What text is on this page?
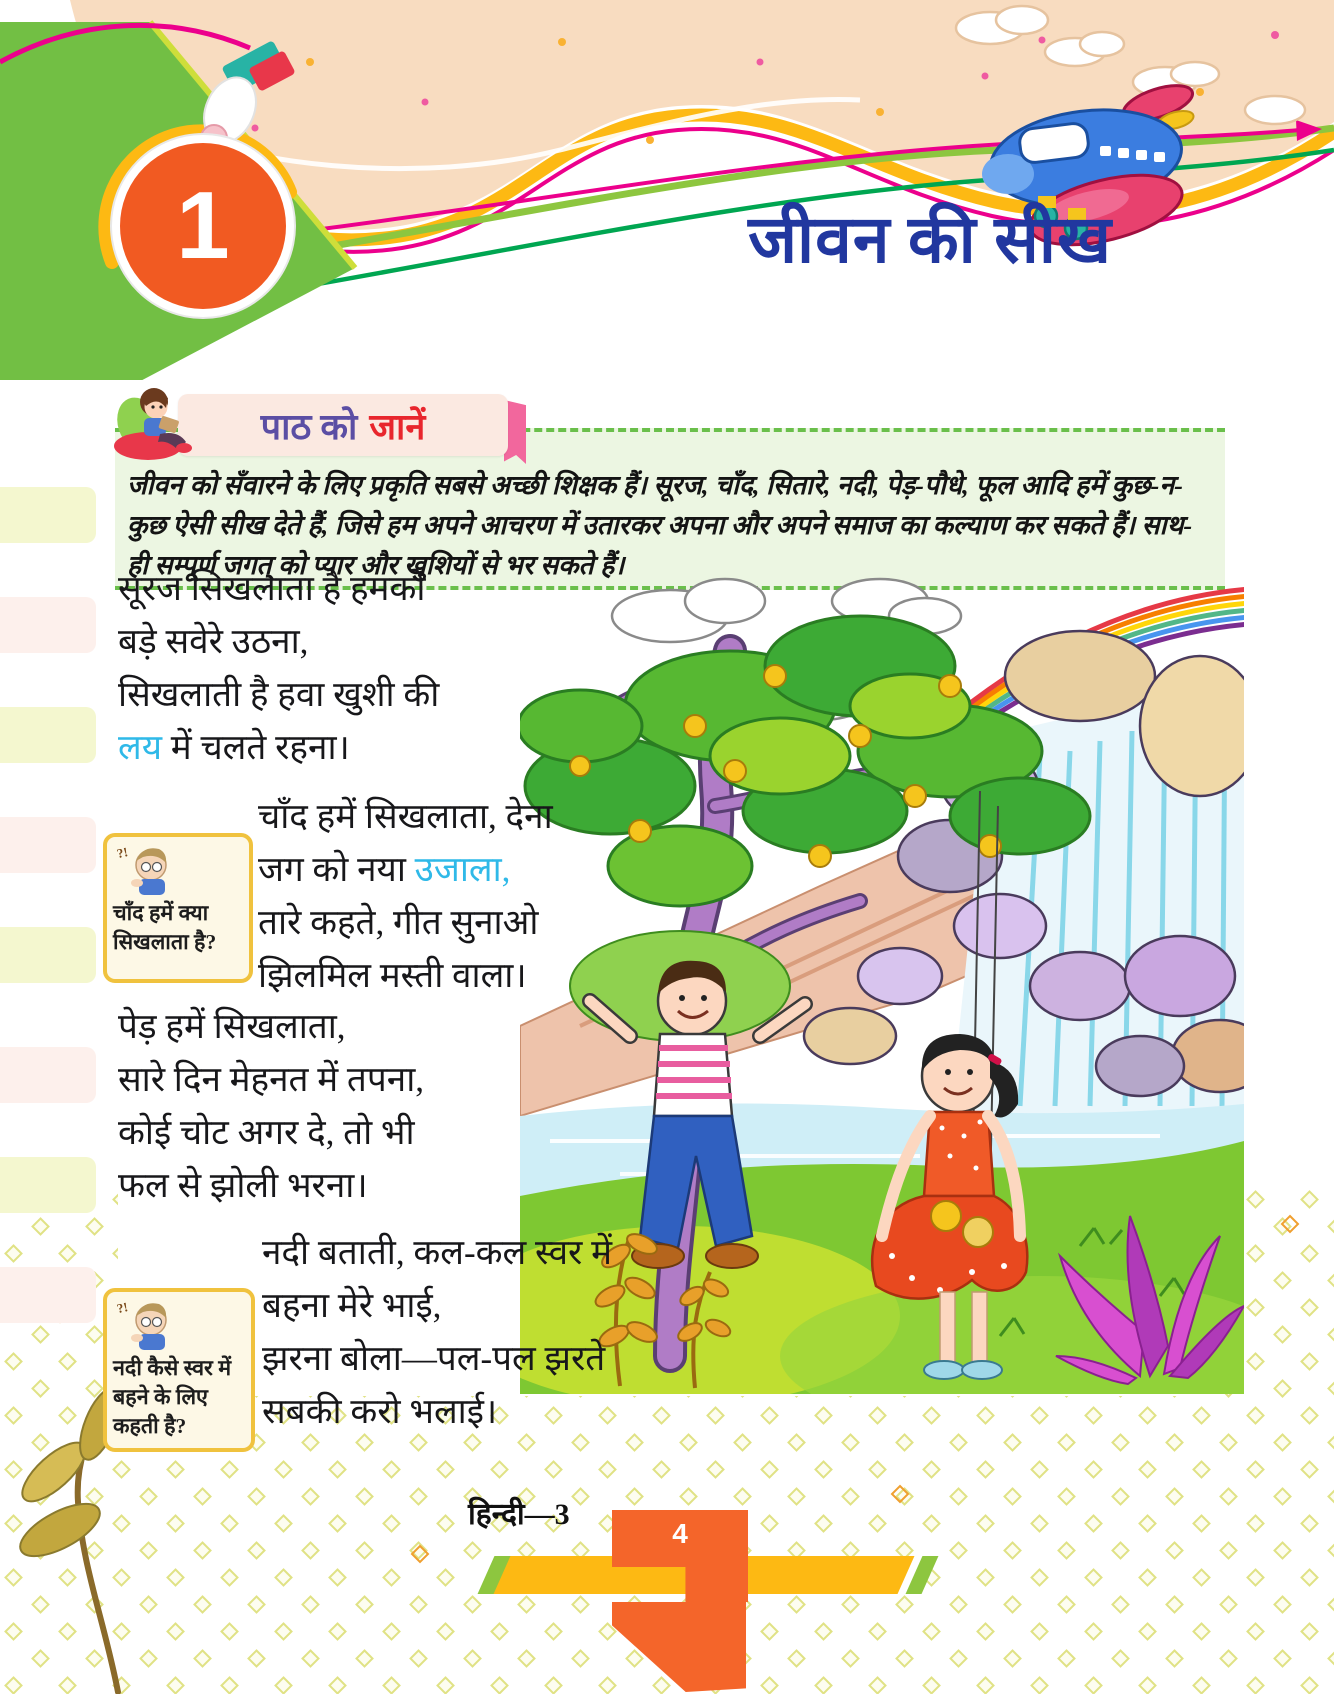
1	जीवन की सीख
जीवन को सँवारने के लिए प्रकृति सबसे अच्छी शिक्षक हैं। सूरज, चाँद, सितारे, नदी, पेड़-पौधे, फूल आदि हमें कुछ-न-कुछ ऐसी सीख देते हैं, जिसे हम अपने आचरण में उतारकर अपना और अपने समाज का कल्याण कर सकते हैं। साथ-ही सम्पूर्ण जगत् को प्यार और खुशियों से भर सकते हैं।
पाठ को जानें
सूरज सिखलाता है हमको
बड़े सवेरे उठना,
सिखलाती है हवा खुशी की
लय में चलते रहना।
चाँद हमें सिखलाता, देना
जग को नया उजाला,
तारे कहते, गीत सुनाओ
झिलमिल मस्ती वाला।
?!
चाँद हमें क्या सिखलाता है?
पेड़ हमें सिखलाता,
सारे दिन मेहनत में तपना,
कोई चोट अगर दे, तो भी
फल से झोली भरना।
नदी बताती, कल-कल स्वर में
बहना मेरे भाई,
झरना बोला—पल-पल झरते
सबकी करो भलाई।
?!
नदी कैसे स्वर में बहने के लिए कहती है?
हिन्दी—3
4
